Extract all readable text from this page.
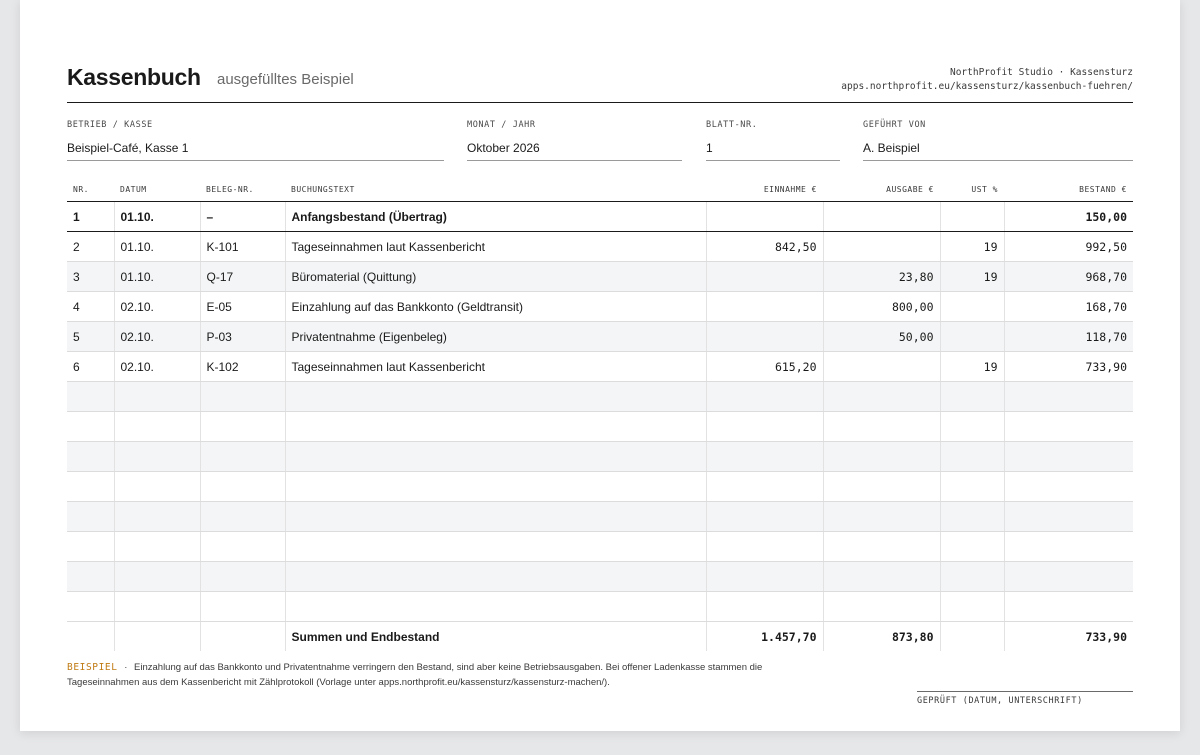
Kassenbuch ausgefülltes Beispiel	NorthProfit Studio · Kassensturz
apps.northprofit.eu/kassensturz/kassenbuch-fuehren/
BETRIEB / KASSE
Beispiel-Café, Kasse 1
MONAT / JAHR
Oktober 2026
BLATT-NR.
1
GEFÜHRT VON
A. Beispiel
NR.	DATUM	BELEG-NR.	BUCHUNGSTEXT	EINNAHME €	AUSGABE €	UST %	BESTAND €
1	01.10.	–	Anfangsbestand (Übertrag)				150,00
2	01.10.	K-101	Tageseinnahmen laut Kassenbericht	842,50		19	992,50
3	01.10.	Q-17	Büromaterial (Quittung)		23,80	19	968,70
4	02.10.	E-05	Einzahlung auf das Bankkonto (Geldtransit)		800,00		168,70
5	02.10.	P-03	Privatentnahme (Eigenbeleg)		50,00		118,70
6	02.10.	K-102	Tageseinnahmen laut Kassenbericht	615,20		19	733,90

			Summen und Endbestand	1.457,70	873,80		733,90
BEISPIEL · Einzahlung auf das Bankkonto und Privatentnahme verringern den Bestand, sind aber keine Betriebsausgaben. Bei offener Ladenkasse stammen die
Tageseinnahmen aus dem Kassenbericht mit Zählprotokoll (Vorlage unter apps.northprofit.eu/kassensturz/kassensturz-machen/).
GEPRÜFT (DATUM, UNTERSCHRIFT)
